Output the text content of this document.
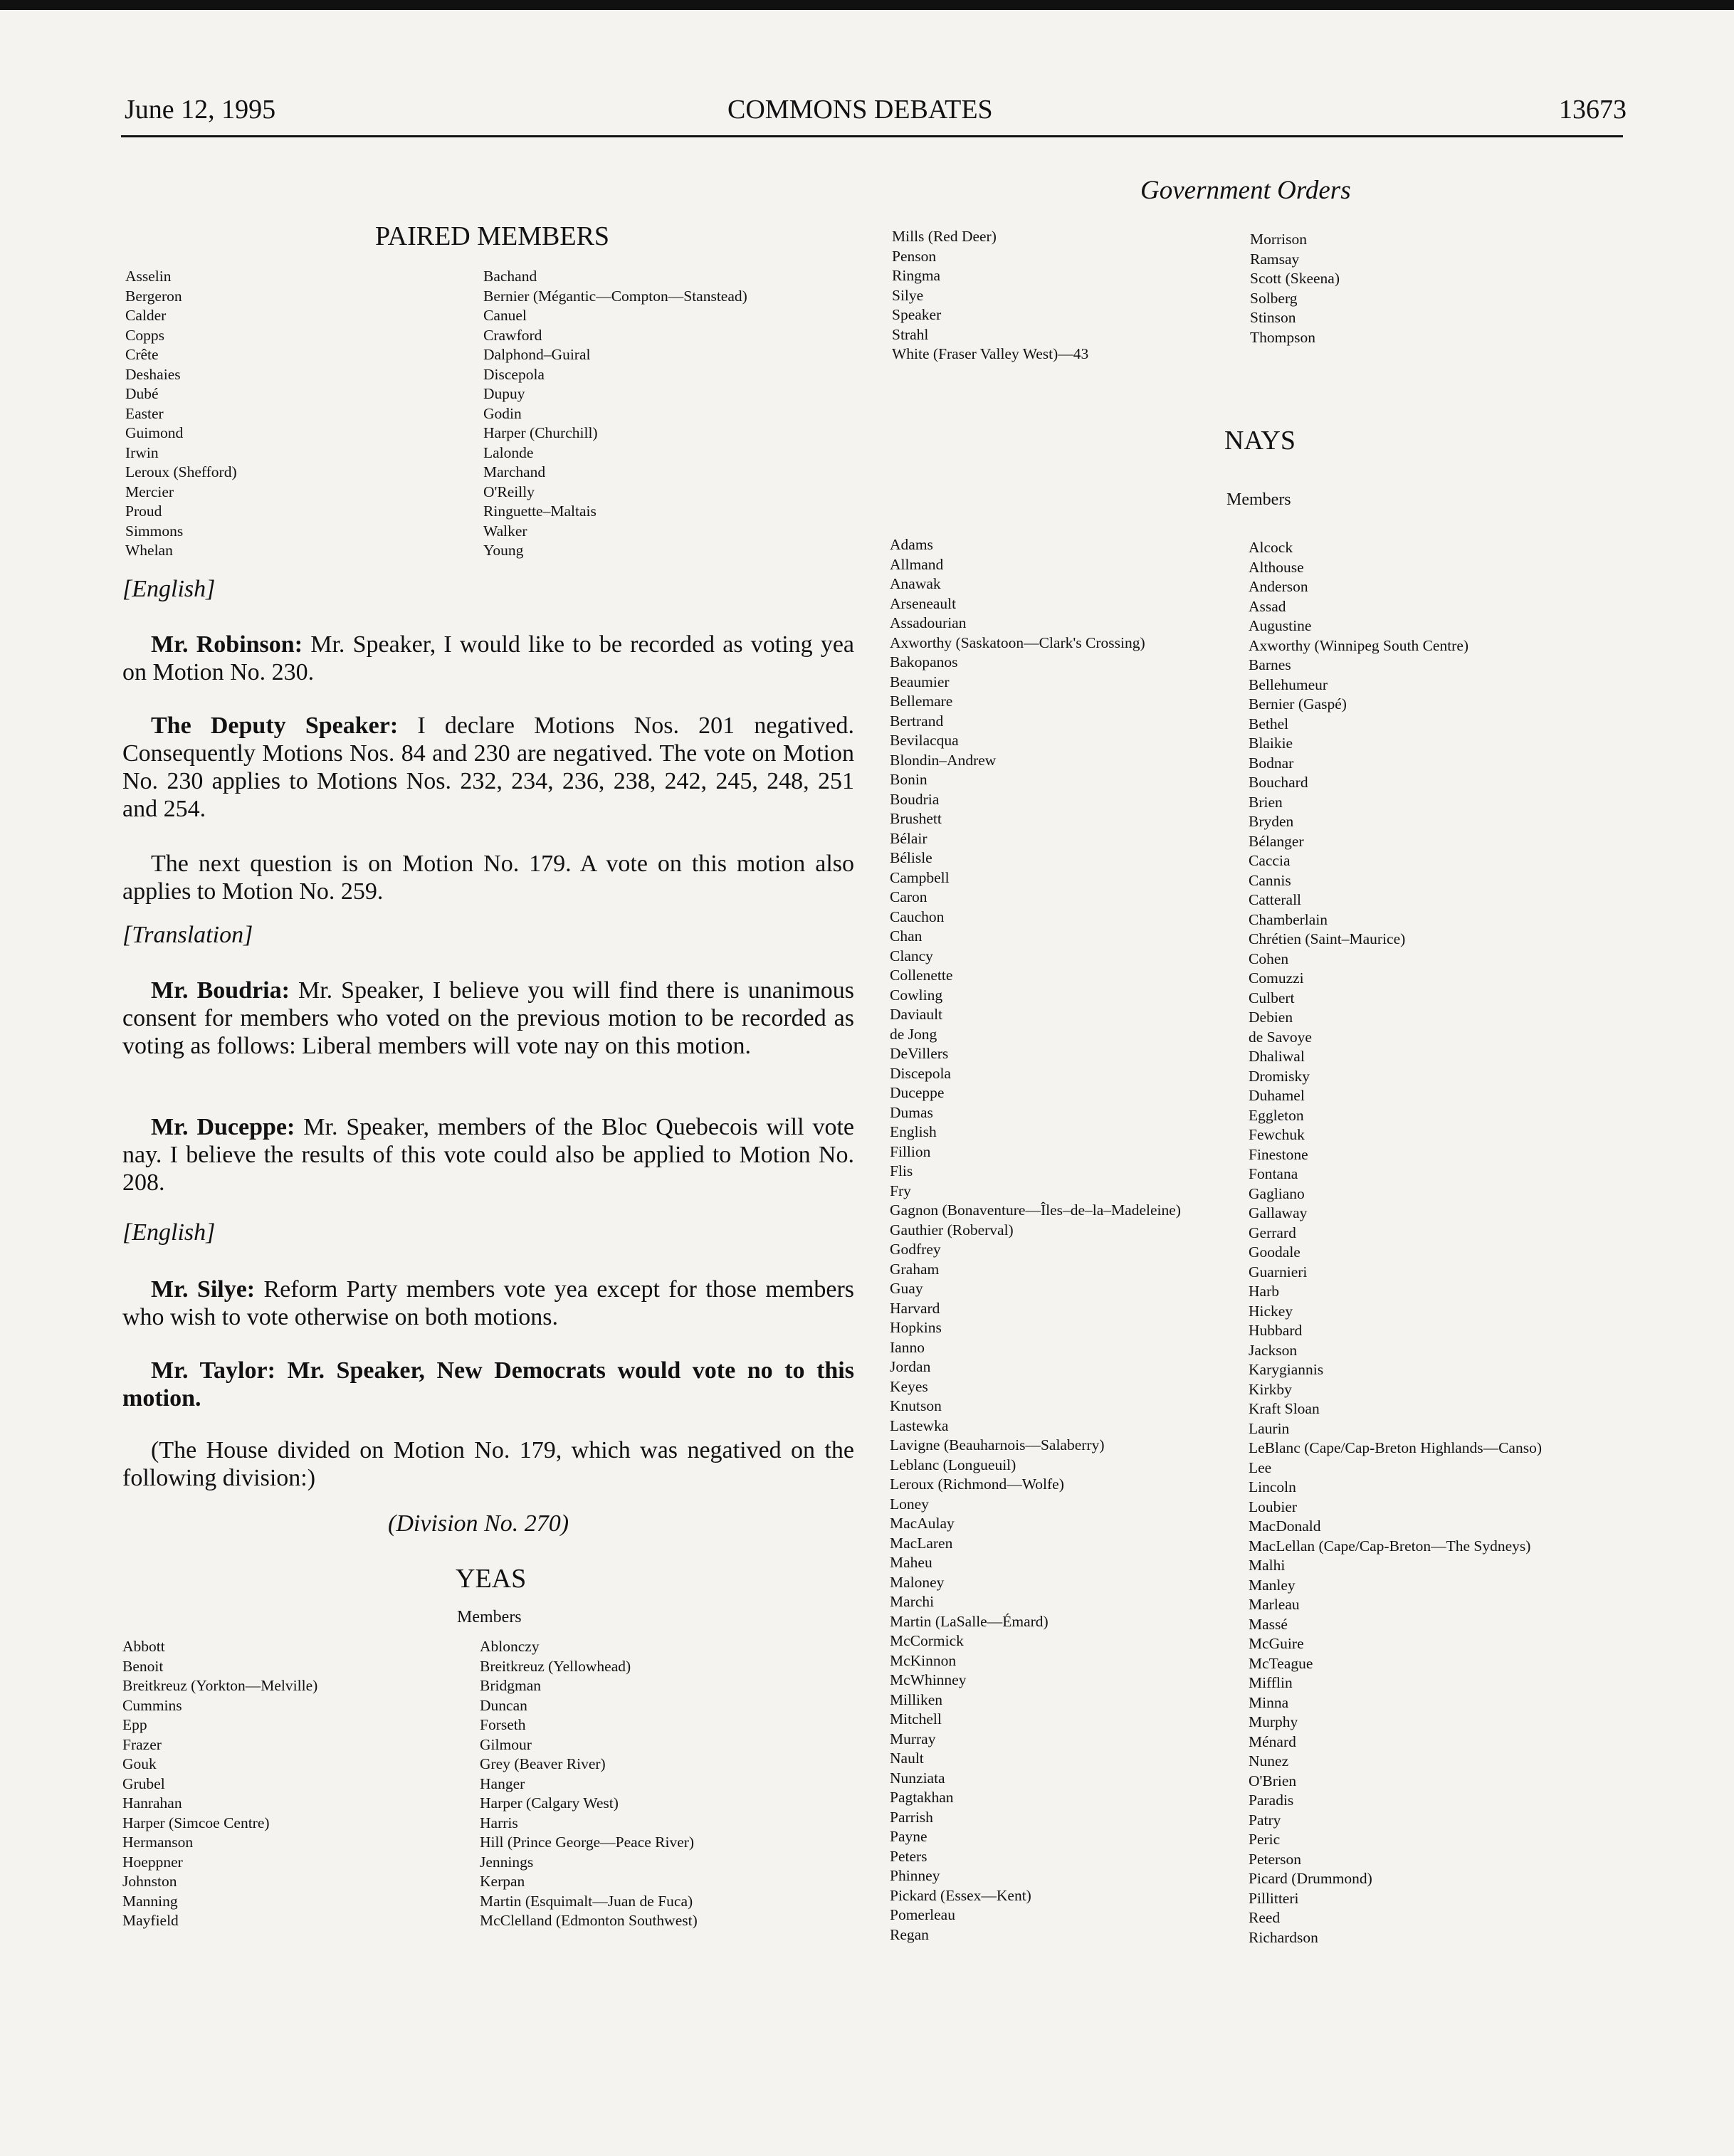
June 12, 1995	COMMONS DEBATES	13673
Government Orders
PAIRED MEMBERS
Asselin
Bergeron
Calder
Copps
Crête
Deshaies
Dubé
Easter
Guimond
Irwin
Leroux (Shefford)
Mercier
Proud
Simmons
Whelan
Bachand
Bernier (Mégantic—Compton—Stanstead)
Canuel
Crawford
Dalphond–Guiral
Discepola
Dupuy
Godin
Harper (Churchill)
Lalonde
Marchand
O'Reilly
Ringuette–Maltais
Walker
Young
[English]

Mr. Robinson: Mr. Speaker, I would like to be recorded as voting yea on Motion No. 230.

The Deputy Speaker: I declare Motions Nos. 201 negatived. Consequently Motions Nos. 84 and 230 are negatived. The vote on Motion No. 230 applies to Motions Nos. 232, 234, 236, 238, 242, 245, 248, 251 and 254.

The next question is on Motion No. 179. A vote on this motion also applies to Motion No. 259.

[Translation]

Mr. Boudria: Mr. Speaker, I believe you will find there is unanimous consent for members who voted on the previous motion to be recorded as voting as follows: Liberal members will vote nay on this motion.

Mr. Duceppe: Mr. Speaker, members of the Bloc Quebecois will vote nay. I believe the results of this vote could also be applied to Motion No. 208.

[English]

Mr. Silye: Reform Party members vote yea except for those members who wish to vote otherwise on both motions.

Mr. Taylor: Mr. Speaker, New Democrats would vote no to this motion.

(The House divided on Motion No. 179, which was negatived on the following division:)

(Division No. 270)
YEAS
Members
Abbott
Benoit
Breitkreuz (Yorkton—Melville)
Cummins
Epp
Frazer
Gouk
Grubel
Hanrahan
Harper (Simcoe Centre)
Hermanson
Hoeppner
Johnston
Manning
Mayfield
Ablonczy
Breitkreuz (Yellowhead)
Bridgman
Duncan
Forseth
Gilmour
Grey (Beaver River)
Hanger
Harper (Calgary West)
Harris
Hill (Prince George—Peace River)
Jennings
Kerpan
Martin (Esquimalt—Juan de Fuca)
McClelland (Edmonton Southwest)
Mills (Red Deer)
Penson
Ringma
Silye
Speaker
Strahl
White (Fraser Valley West)—43
Morrison
Ramsay
Scott (Skeena)
Solberg
Stinson
Thompson
NAYS
Members
Adams
Allmand
Anawak
Arseneault
Assadourian
Axworthy (Saskatoon—Clark's Crossing)
Bakopanos
Beaumier
Bellemare
Bertrand
Bevilacqua
Blondin–Andrew
Bonin
Boudria
Brushett
Bélair
Bélisle
Campbell
Caron
Cauchon
Chan
Clancy
Collenette
Cowling
Daviault
de Jong
DeVillers
Discepola
Duceppe
Dumas
English
Fillion
Flis
Fry
Gagnon (Bonaventure—Îles–de–la–Madeleine)
Gauthier (Roberval)
Godfrey
Graham
Guay
Harvard
Hopkins
Ianno
Jordan
Keyes
Knutson
Lastewka
Lavigne (Beauharnois—Salaberry)
Leblanc (Longueuil)
Leroux (Richmond—Wolfe)
Loney
MacAulay
MacLaren
Maheu
Maloney
Marchi
Martin (LaSalle—Émard)
McCormick
McKinnon
McWhinney
Milliken
Mitchell
Murray
Nault
Nunziata
Pagtakhan
Parrish
Payne
Peters
Phinney
Pickard (Essex—Kent)
Pomerleau
Regan
Alcock
Althouse
Anderson
Assad
Augustine
Axworthy (Winnipeg South Centre)
Barnes
Bellehumeur
Bernier (Gaspé)
Bethel
Blaikie
Bodnar
Bouchard
Brien
Bryden
Bélanger
Caccia
Cannis
Catterall
Chamberlain
Chrétien (Saint–Maurice)
Cohen
Comuzzi
Culbert
Debien
de Savoye
Dhaliwal
Dromisky
Duhamel
Eggleton
Fewchuk
Finestone
Fontana
Gagliano
Gallaway
Gerrard
Goodale
Guarnieri
Harb
Hickey
Hubbard
Jackson
Karygiannis
Kirkby
Kraft Sloan
Laurin
LeBlanc (Cape/Cap-Breton Highlands—Canso)
Lee
Lincoln
Loubier
MacDonald
MacLellan (Cape/Cap-Breton—The Sydneys)
Malhi
Manley
Marleau
Massé
McGuire
McTeague
Mifflin
Minna
Murphy
Ménard
Nunez
O'Brien
Paradis
Patry
Peric
Peterson
Picard (Drummond)
Pillitteri
Reed
Richardson
